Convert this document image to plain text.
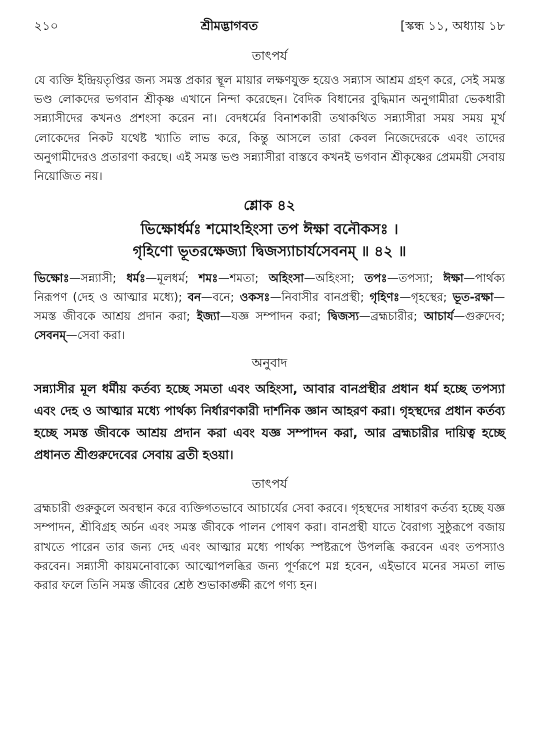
২১০	শ্রীমদ্ভাগবত	[স্কন্ধ ১১, অধ্যায় ১৮
তাৎপর্য

যে ব্যক্তি ইন্দ্রিয়তৃপ্তির জন্য সমস্ত প্রকার স্থূল মায়ার লক্ষণযুক্ত হয়েও সন্ন্যাস আশ্রম গ্রহণ করে, সেই সমস্ত ভণ্ড লোকদের ভগবান শ্রীকৃষ্ণ এখানে নিন্দা করেছেন। বৈদিক বিধানের বুদ্ধিমান অনুগামীরা ভেকধারী সন্ন্যাসীদের কখনও প্রশংসা করেন না। বেদধর্মের বিনাশকারী তথাকথিত সন্ন্যাসীরা সময় সময় মূর্খ লোকেদের নিকট যথেষ্ট খ্যাতি লাভ করে, কিন্তু আসলে তারা কেবল নিজেদেরকে এবং তাদের অনুগামীদেরও প্রতারণা করছে। এই সমস্ত ভণ্ড সন্ন্যাসীরা বাস্তবে কখনই ভগবান শ্রীকৃষ্ণের প্রেমময়ী সেবায় নিয়োজিত নয়।

শ্লোক ৪২

ভিক্ষোর্ধর্মঃ শমোঽহিংসা তপ ঈক্ষা বনৌকসঃ ।

গৃহিণো ভূতরক্ষেজ্যা দ্বিজস্যাচার্যসেবনম্ ॥ ৪২ ॥

ভিক্ষোঃ—সন্ন্যাসী; ধর্মঃ—মূলধর্ম; শমঃ—শমতা; অহিংসা—অহিংসা; তপঃ—তপস্যা; ঈক্ষা—পার্থক্য নিরূপণ (দেহ ও আত্মার মধ্যে); বন—বনে; ওকসঃ—নিবাসীর বানপ্রস্থী; গৃহিণঃ—গৃহস্থের; ভূত-রক্ষা—সমস্ত জীবকে আশ্রয় প্রদান করা; ইজ্যা—যজ্ঞ সম্পাদন করা; দ্বিজস্য—ব্রহ্মচারীর; আচার্য—গুরুদেব; সেবনম্—সেবা করা।

অনুবাদ

সন্ন্যাসীর মূল ধর্মীয় কর্তব্য হচ্ছে সমতা এবং অহিংসা, আবার বানপ্রস্থীর প্রধান ধর্ম হচ্ছে তপস্যা এবং দেহ ও আত্মার মধ্যে পার্থক্য নির্ধারণকারী দার্শনিক জ্ঞান আহরণ করা। গৃহস্থদের প্রধান কর্তব্য হচ্ছে সমস্ত জীবকে আশ্রয় প্রদান করা এবং যজ্ঞ সম্পাদন করা, আর ব্রহ্মচারীর দায়িত্ব হচ্ছে প্রধানত শ্রীগুরুদেবের সেবায় ব্রতী হওয়া।

তাৎপর্য

ব্রহ্মচারী গুরুকুলে অবস্থান করে ব্যক্তিগতভাবে আচার্যের সেবা করবে। গৃহস্থদের সাধারণ কর্তব্য হচ্ছে যজ্ঞ সম্পাদন, শ্রীবিগ্রহ অর্চন এবং সমস্ত জীবকে পালন পোষণ করা। বানপ্রস্থী যাতে বৈরাগ্য সুষ্ঠুরূপে বজায় রাখতে পারেন তার জন্য দেহ এবং আত্মার মধ্যে পার্থক্য স্পষ্টরূপে উপলব্ধি করবেন এবং তপস্যাও করবেন। সন্ন্যাসী কায়মনোবাক্যে আত্মোপলব্ধির জন্য পূর্ণরূপে মগ্ন হবেন, এইভাবে মনের সমতা লাভ করার ফলে তিনি সমস্ত জীবের শ্রেষ্ঠ শুভাকাঙ্ক্ষী রূপে গণ্য হন।
